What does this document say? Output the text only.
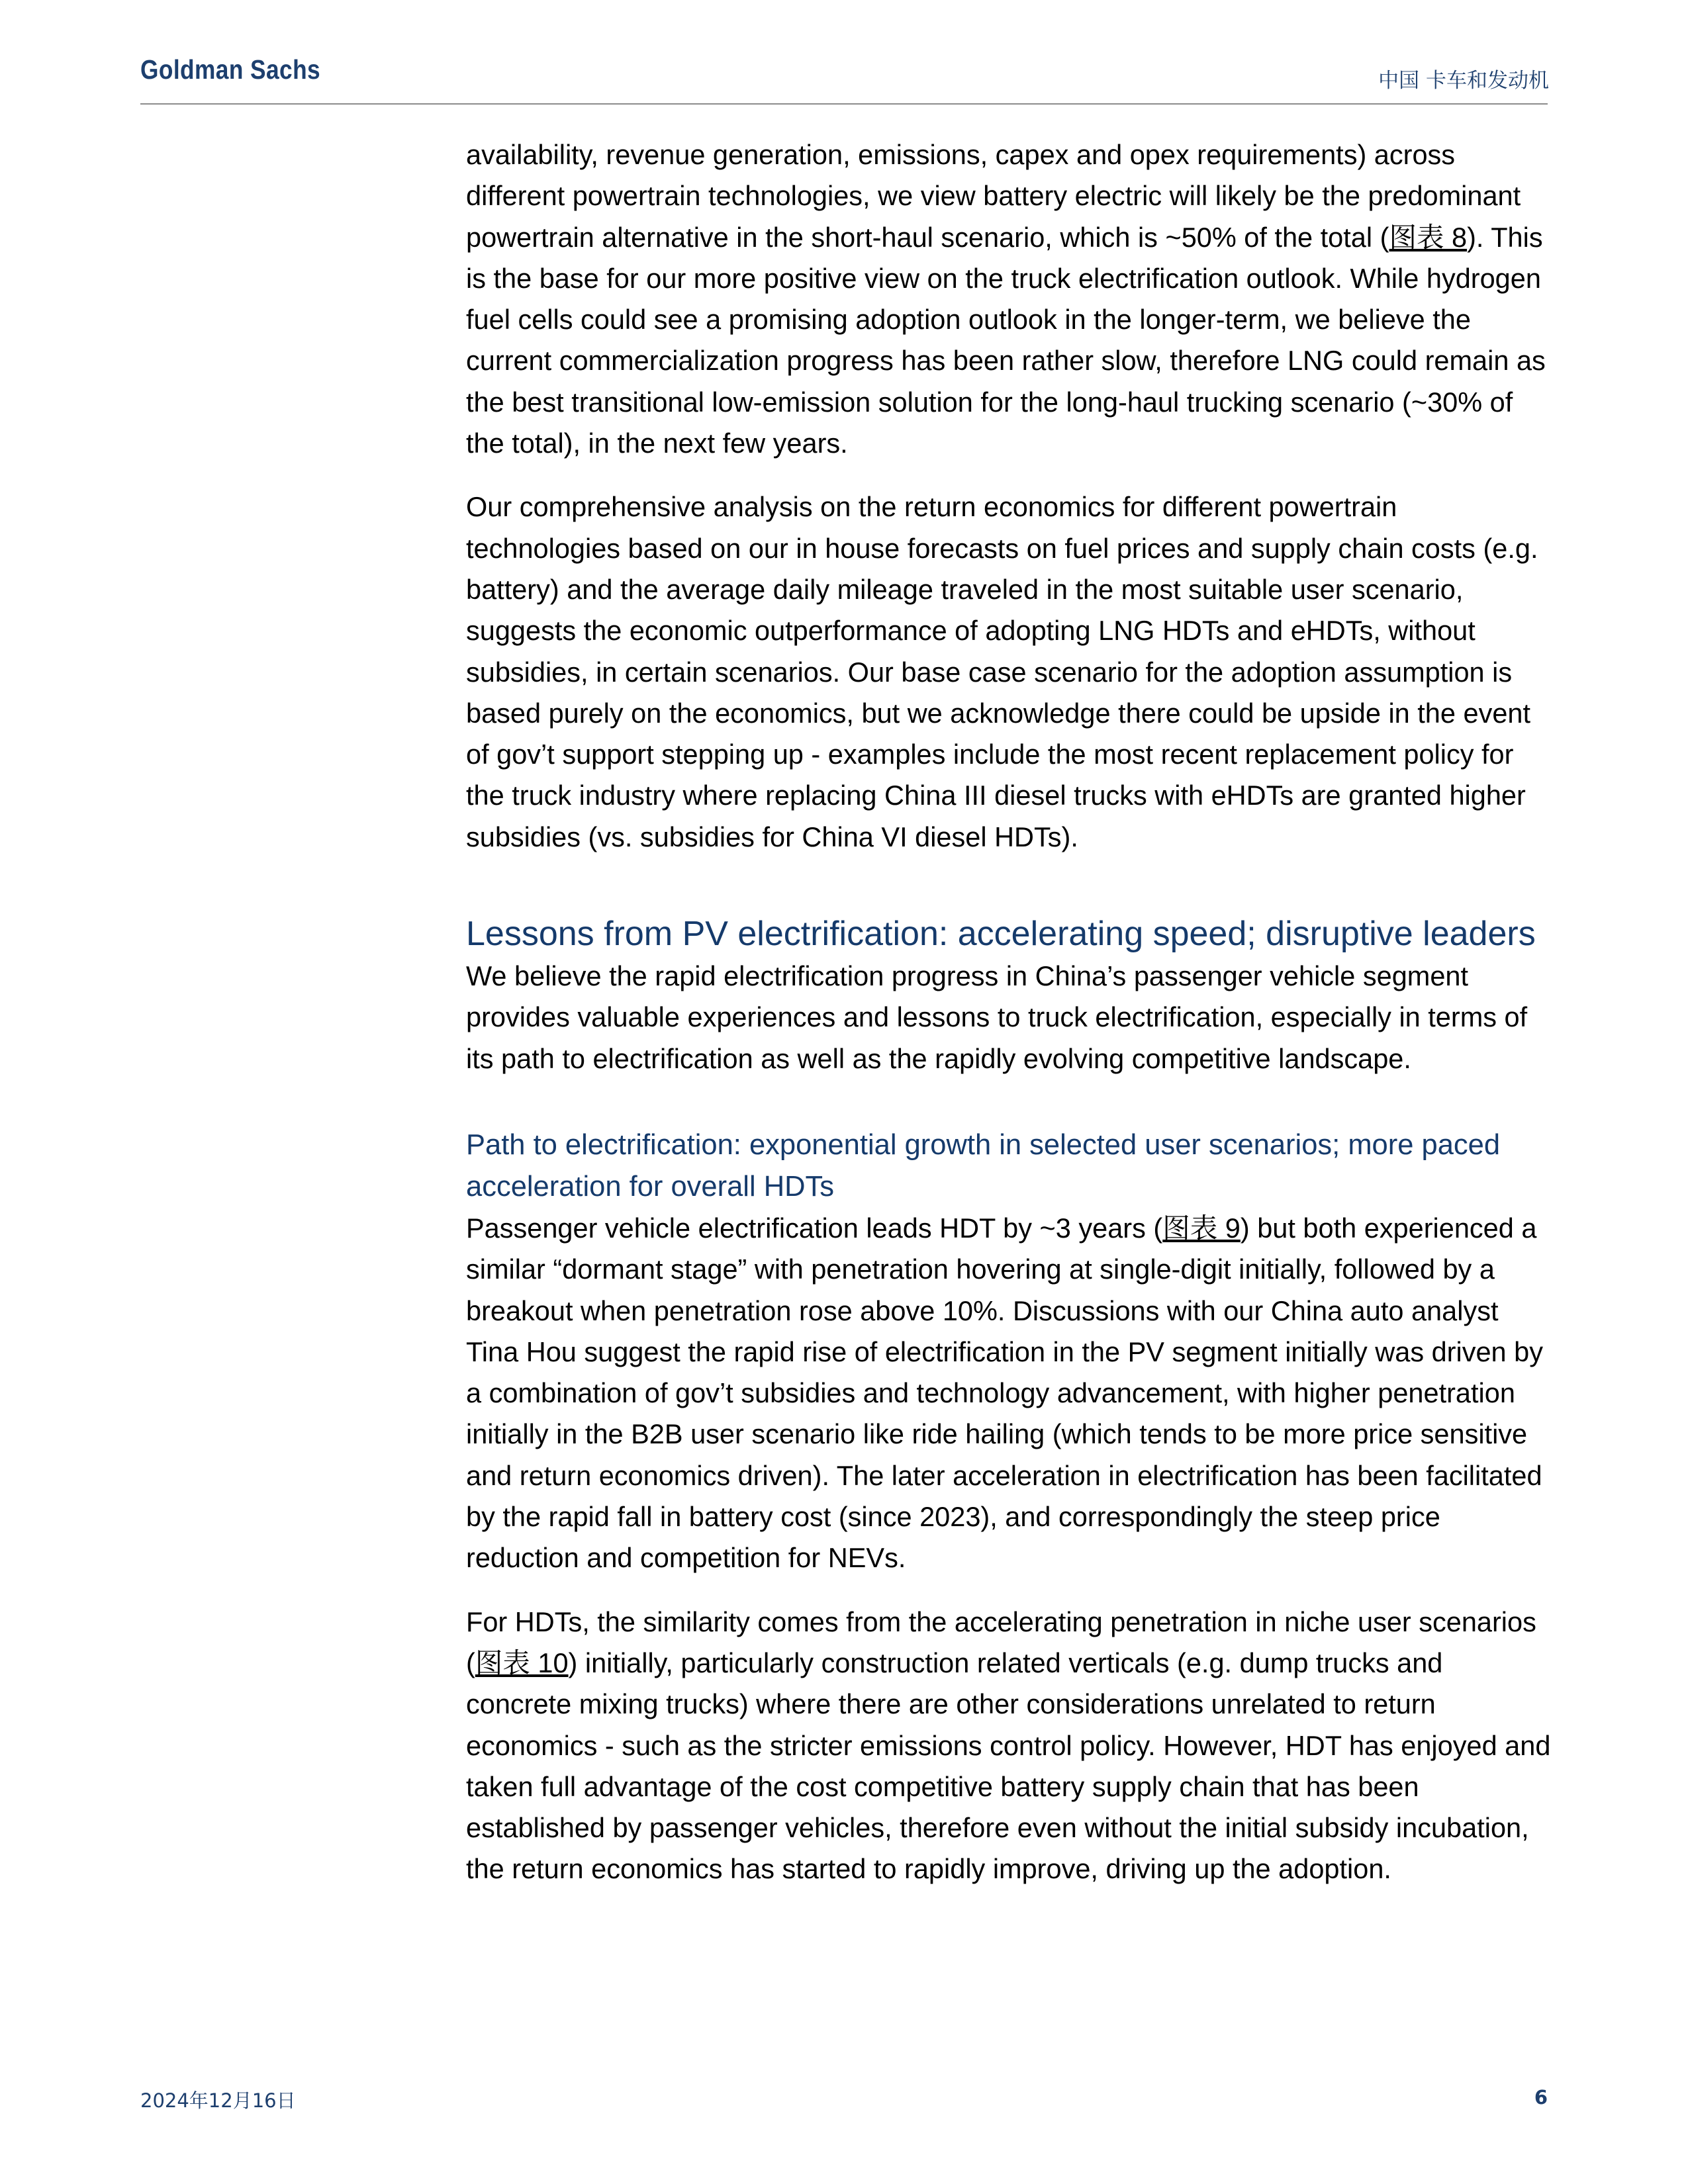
Goldman Sachs	中国 卡车和发动机

availability, revenue generation, emissions, capex and opex requirements) across different powertrain technologies, we view battery electric will likely be the predominant powertrain alternative in the short-haul scenario, which is ~50% of the total (图表 8). This is the base for our more positive view on the truck electrification outlook. While hydrogen fuel cells could see a promising adoption outlook in the longer-term, we believe the current commercialization progress has been rather slow, therefore LNG could remain as the best transitional low-emission solution for the long-haul trucking scenario (~30% of the total), in the next few years.

Our comprehensive analysis on the return economics for different powertrain technologies based on our in house forecasts on fuel prices and supply chain costs (e.g. battery) and the average daily mileage traveled in the most suitable user scenario, suggests the economic outperformance of adopting LNG HDTs and eHDTs, without subsidies, in certain scenarios. Our base case scenario for the adoption assumption is based purely on the economics, but we acknowledge there could be upside in the event of gov’t support stepping up - examples include the most recent replacement policy for the truck industry where replacing China III diesel trucks with eHDTs are granted higher subsidies (vs. subsidies for China VI diesel HDTs).

Lessons from PV electrification: accelerating speed; disruptive leaders

We believe the rapid electrification progress in China’s passenger vehicle segment provides valuable experiences and lessons to truck electrification, especially in terms of its path to electrification as well as the rapidly evolving competitive landscape.

Path to electrification: exponential growth in selected user scenarios; more paced acceleration for overall HDTs

Passenger vehicle electrification leads HDT by ~3 years (图表 9) but both experienced a similar “dormant stage” with penetration hovering at single-digit initially, followed by a breakout when penetration rose above 10%. Discussions with our China auto analyst Tina Hou suggest the rapid rise of electrification in the PV segment initially was driven by a combination of gov’t subsidies and technology advancement, with higher penetration initially in the B2B user scenario like ride hailing (which tends to be more price sensitive and return economics driven). The later acceleration in electrification has been facilitated by the rapid fall in battery cost (since 2023), and correspondingly the steep price reduction and competition for NEVs.

For HDTs, the similarity comes from the accelerating penetration in niche user scenarios (图表 10) initially, particularly construction related verticals (e.g. dump trucks and concrete mixing trucks) where there are other considerations unrelated to return economics - such as the stricter emissions control policy. However, HDT has enjoyed and taken full advantage of the cost competitive battery supply chain that has been established by passenger vehicles, therefore even without the initial subsidy incubation, the return economics has started to rapidly improve, driving up the adoption.

2024年12月16日	6
